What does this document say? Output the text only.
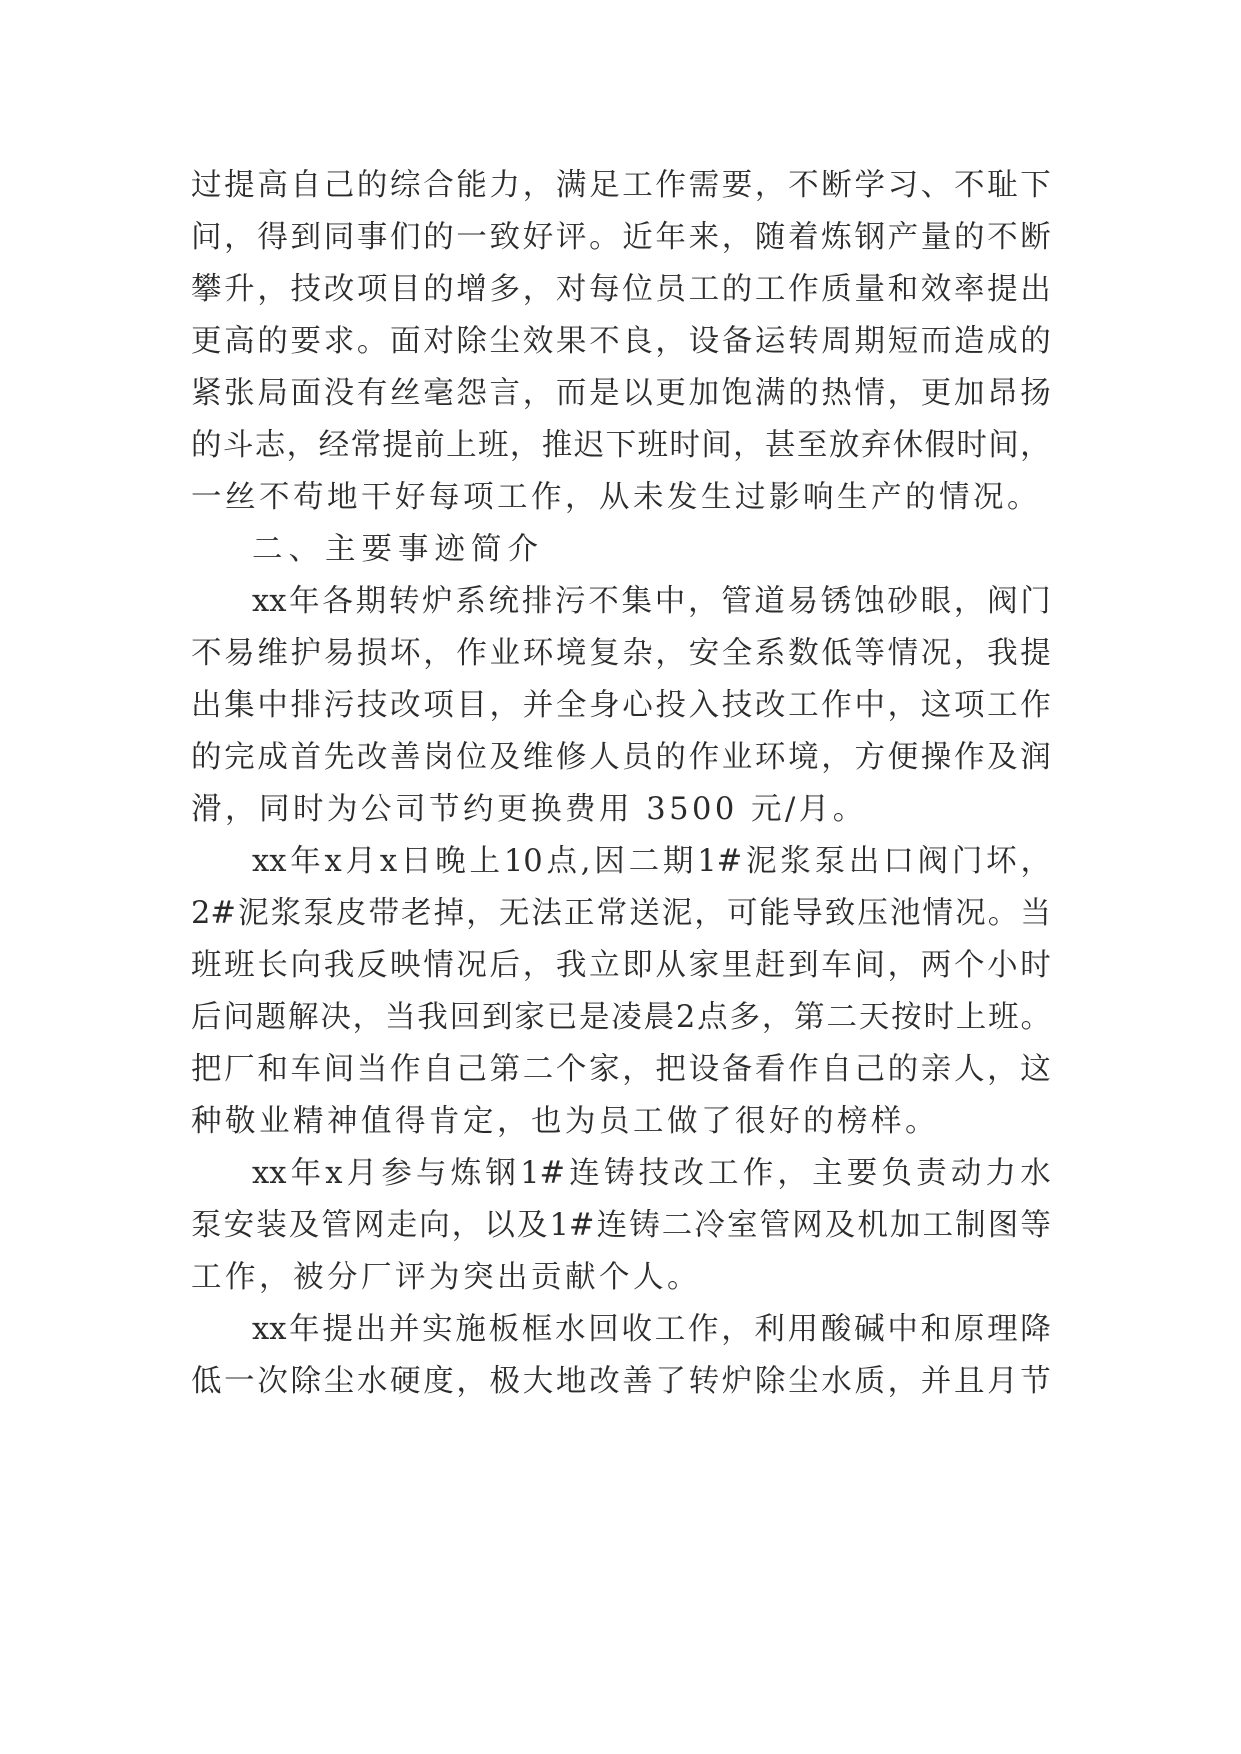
过 提 高 自 己 的 综 合 能 力 ， 满 足 工 作 需 要 ， 不 断 学 习 、 不 耻 下
问 ， 得 到 同 事 们 的 一 致 好 评 。 近 年 来 ， 随 着 炼 钢 产 量 的 不 断
攀 升 ， 技 改 项 目 的 增 多 ， 对 每 位 员 工 的 工 作 质 量 和 效 率 提 出
更 高 的 要 求 。 面 对 除 尘 效 果 不 良 ， 设 备 运 转 周 期 短 而 造 成 的
紧 张 局 面 没 有 丝 毫 怨 言 ， 而 是 以 更 加 饱 满 的 热 情 ， 更 加 昂 扬
的 斗 志 ， 经 常 提 前 上 班 ， 推 迟 下 班 时 间 ， 甚 至 放 弃 休 假 时 间 ，
一丝不苟地干好每项工作，从未发生过影响生产的情况。
二、主要事迹简介
xx 年 各 期 转 炉 系 统 排 污 不 集 中 ， 管 道 易 锈 蚀 砂 眼 ， 阀 门
不 易 维 护 易 损 坏 ， 作 业 环 境 复 杂 ， 安 全 系 数 低 等 情 况 ， 我 提
出 集 中 排 污 技 改 项 目 ， 并 全 身 心 投 入 技 改 工 作 中 ， 这 项 工 作
的 完 成 首 先 改 善 岗 位 及 维 修 人 员 的 作 业 环 境 ， 方 便 操 作 及 润
滑，同时为公司节约更换费用 3500 元/月。
xx 年 x 月 x 日 晚 上 10 点 , 因 二 期 1# 泥 浆 泵 出 口 阀 门 坏 ，
2# 泥 浆 泵 皮 带 老 掉 ， 无 法 正 常 送 泥 ， 可 能 导 致 压 池 情 况 。 当
班 班 长 向 我 反 映 情 况 后 ， 我 立 即 从 家 里 赶 到 车 间 ， 两 个 小 时
后 问 题 解 决 ， 当 我 回 到 家 已 是 凌 晨 2 点 多 ， 第 二 天 按 时 上 班 。
把 厂 和 车 间 当 作 自 己 第 二 个 家 ， 把 设 备 看 作 自 己 的 亲 人 ， 这
种敬业精神值得肯定，也为员工做了很好的榜样。
xx 年 x 月 参 与 炼 钢 1# 连 铸 技 改 工 作 ， 主 要 负 责 动 力 水
泵 安 装 及 管 网 走 向 ， 以 及 1# 连 铸 二 冷 室 管 网 及 机 加 工 制 图 等
工作，被分厂评为突出贡献个人。
xx 年 提 出 并 实 施 板 框 水 回 收 工 作 ， 利 用 酸 碱 中 和 原 理 降
低 一 次 除 尘 水 硬 度 ， 极 大 地 改 善 了 转 炉 除 尘 水 质 ， 并 且 月 节
